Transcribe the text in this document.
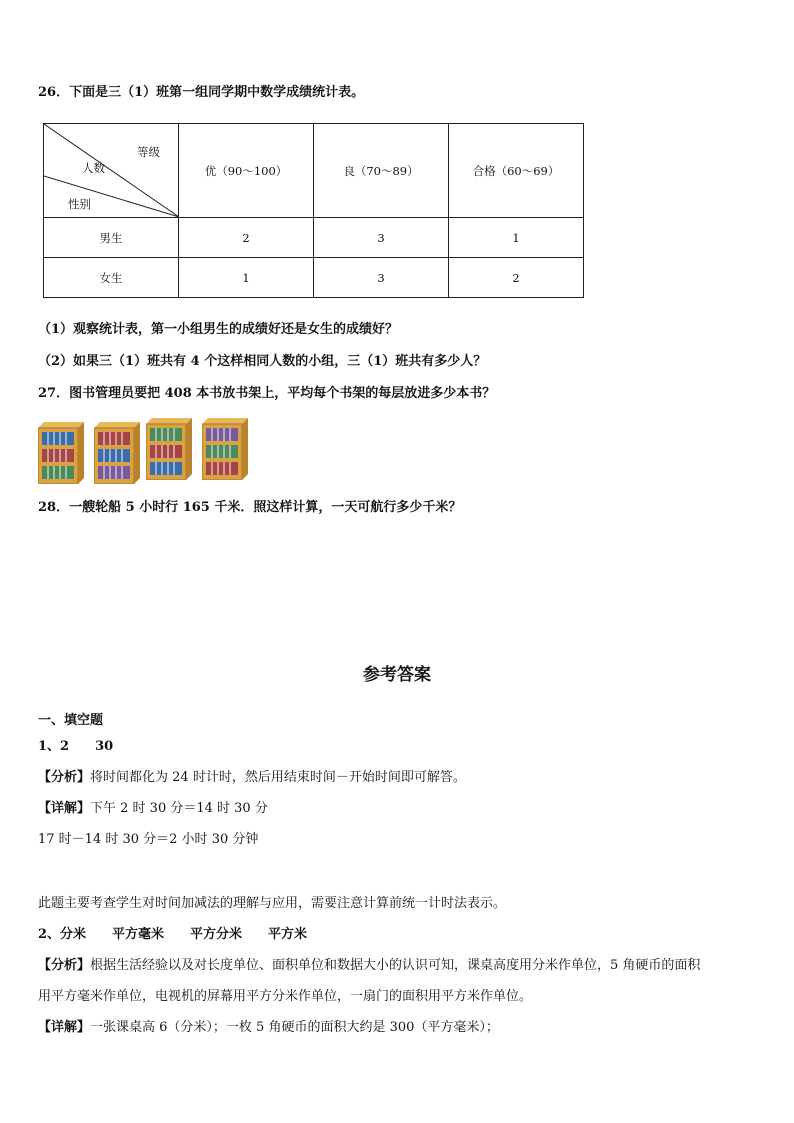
26．下面是三（1）班第一组同学期中数学成绩统计表。
等级
人数
性别	优（90～100）	良（70～89）	合格（60～69）
男生	2	3	1
女生	1	3	2
（1）观察统计表，第一小组男生的成绩好还是女生的成绩好？
（2）如果三（1）班共有 4 个这样相同人数的小组，三（1）班共有多少人？
27．图书管理员要把 408 本书放书架上，平均每个书架的每层放进多少本书？
28．一艘轮船 5 小时行 165 千米．照这样计算，一天可航行多少千米？
参考答案
一、填空题
1、2　　30
【分析】将时间都化为 24 时计时，然后用结束时间－开始时间即可解答。
【详解】下午 2 时 30 分＝14 时 30 分
17 时－14 时 30 分＝2 小时 30 分钟
此题主要考查学生对时间加减法的理解与应用，需要注意计算前统一计时法表示。
2、分米　　平方毫米　　平方分米　　平方米
【分析】根据生活经验以及对长度单位、面积单位和数据大小的认识可知，课桌高度用分米作单位，5 角硬币的面积
用平方毫米作单位，电视机的屏幕用平方分米作单位，一扇门的面积用平方米作单位。
【详解】一张课桌高 6（分米）；一枚 5 角硬币的面积大约是 300（平方毫米）；
